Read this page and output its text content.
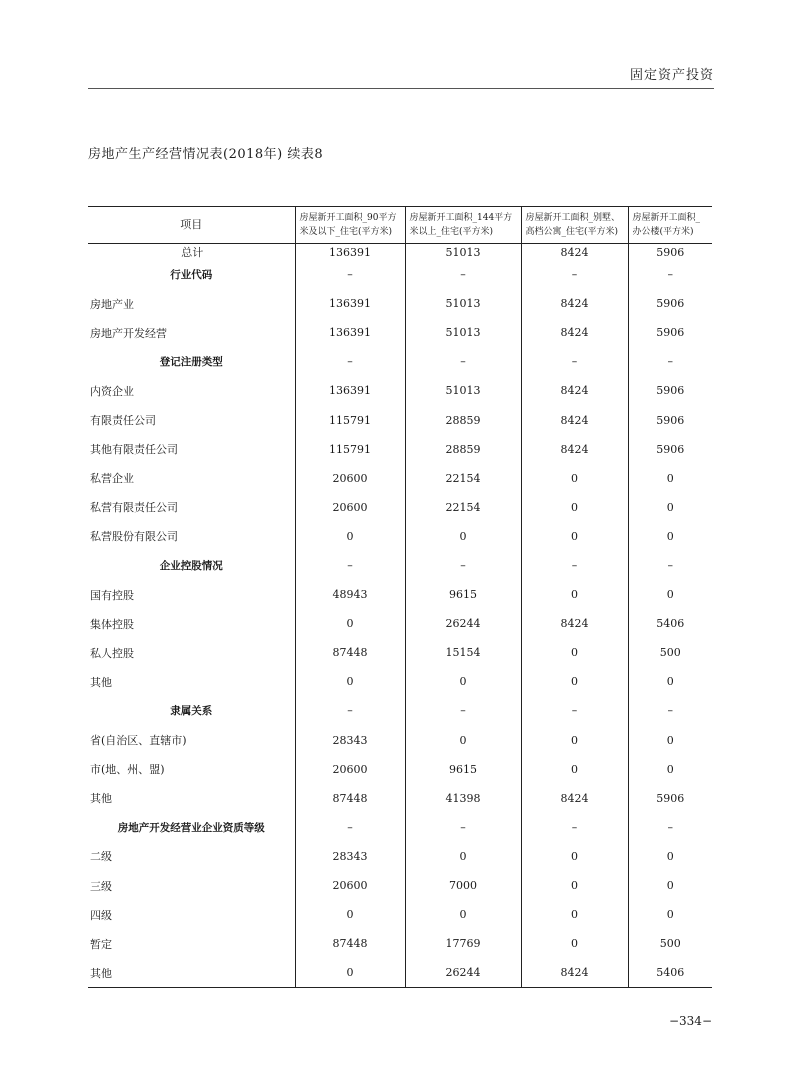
固定资产投资
房地产生产经营情况表(2018年) 续表8
项目	房屋新开工面积_90平方米及以下_住宅(平方米)	房屋新开工面积_144平方米以上_住宅(平方米)	房屋新开工面积_别墅、高档公寓_住宅(平方米)	房屋新开工面积_办公楼(平方米)
总计	136391	51013	8424	5906
行业代码	–	–	–	–
房地产业	136391	51013	8424	5906
房地产开发经营	136391	51013	8424	5906
登记注册类型	–	–	–	–
内资企业	136391	51013	8424	5906
有限责任公司	115791	28859	8424	5906
其他有限责任公司	115791	28859	8424	5906
私营企业	20600	22154	0	0
私营有限责任公司	20600	22154	0	0
私营股份有限公司	0	0	0	0
企业控股情况	–	–	–	–
国有控股	48943	9615	0	0
集体控股	0	26244	8424	5406
私人控股	87448	15154	0	500
其他	0	0	0	0
隶属关系	–	–	–	–
省(自治区、直辖市)	28343	0	0	0
市(地、州、盟)	20600	9615	0	0
其他	87448	41398	8424	5906
房地产开发经营业企业资质等级	–	–	–	–
二级	28343	0	0	0
三级	20600	7000	0	0
四级	0	0	0	0
暂定	87448	17769	0	500
其他	0	26244	8424	5406
−334−
